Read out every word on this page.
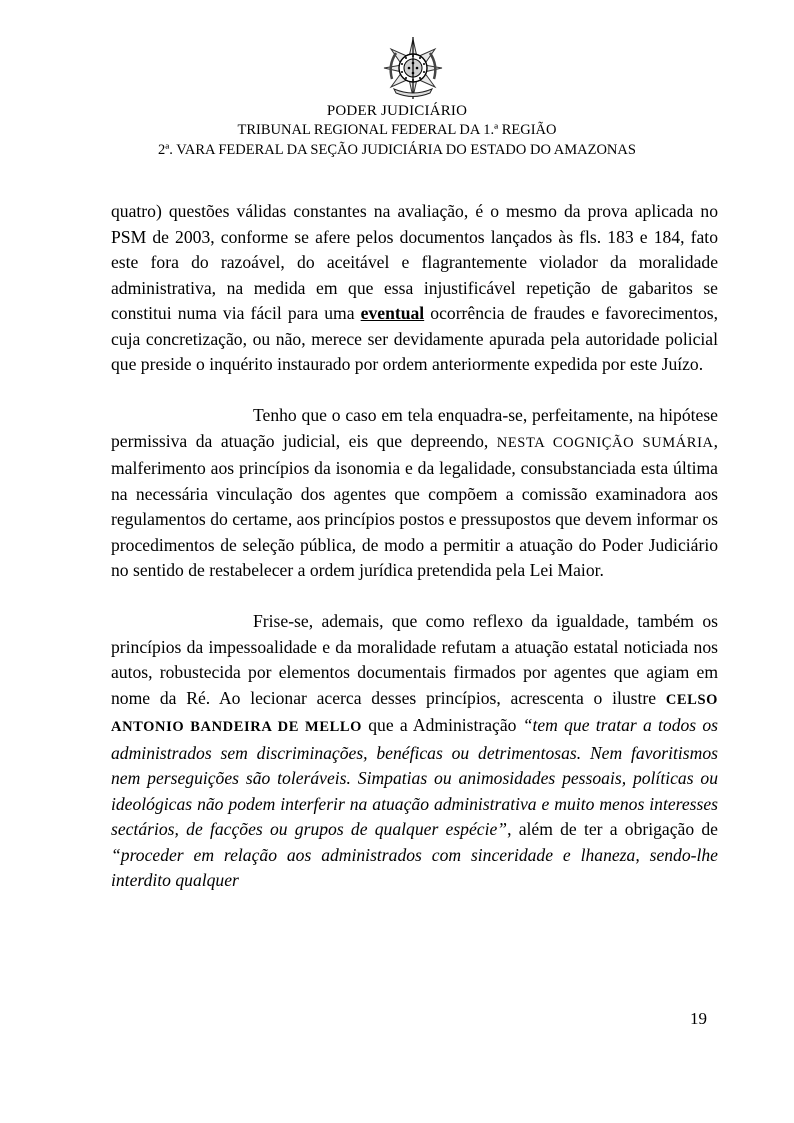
PODER JUDICIÁRIO
TRIBUNAL REGIONAL FEDERAL DA 1.ª REGIÃO
2ª. VARA FEDERAL DA SEÇÃO JUDICIÁRIA DO ESTADO DO AMAZONAS

quatro) questões válidas constantes na avaliação, é o mesmo da prova aplicada no PSM de 2003, conforme se afere pelos documentos lançados às fls. 183 e 184, fato este fora do razoável, do aceitável e flagrantemente violador da moralidade administrativa, na medida em que essa injustificável repetição de gabaritos se constitui numa via fácil para uma eventual ocorrência de fraudes e favorecimentos, cuja concretização, ou não, merece ser devidamente apurada pela autoridade policial que preside o inquérito instaurado por ordem anteriormente expedida por este Juízo.

Tenho que o caso em tela enquadra-se, perfeitamente, na hipótese permissiva da atuação judicial, eis que depreendo, NESTA COGNIÇÃO SUMÁRIA, malferimento aos princípios da isonomia e da legalidade, consubstanciada esta última na necessária vinculação dos agentes que compõem a comissão examinadora aos regulamentos do certame, aos princípios postos e pressupostos que devem informar os procedimentos de seleção pública, de modo a permitir a atuação do Poder Judiciário no sentido de restabelecer a ordem jurídica pretendida pela Lei Maior.

Frise-se, ademais, que como reflexo da igualdade, também os princípios da impessoalidade e da moralidade refutam a atuação estatal noticiada nos autos, robustecida por elementos documentais firmados por agentes que agiam em nome da Ré. Ao lecionar acerca desses princípios, acrescenta o ilustre CELSO ANTONIO BANDEIRA DE MELLO que a Administração “tem que tratar a todos os administrados sem discriminações, benéficas ou detrimentosas. Nem favoritismos nem perseguições são toleráveis. Simpatias ou animosidades pessoais, políticas ou ideológicas não podem interferir na atuação administrativa e muito menos interesses sectários, de facções ou grupos de qualquer espécie”, além de ter a obrigação de “proceder em relação aos administrados com sinceridade e lhaneza, sendo-lhe interdito qualquer

19
